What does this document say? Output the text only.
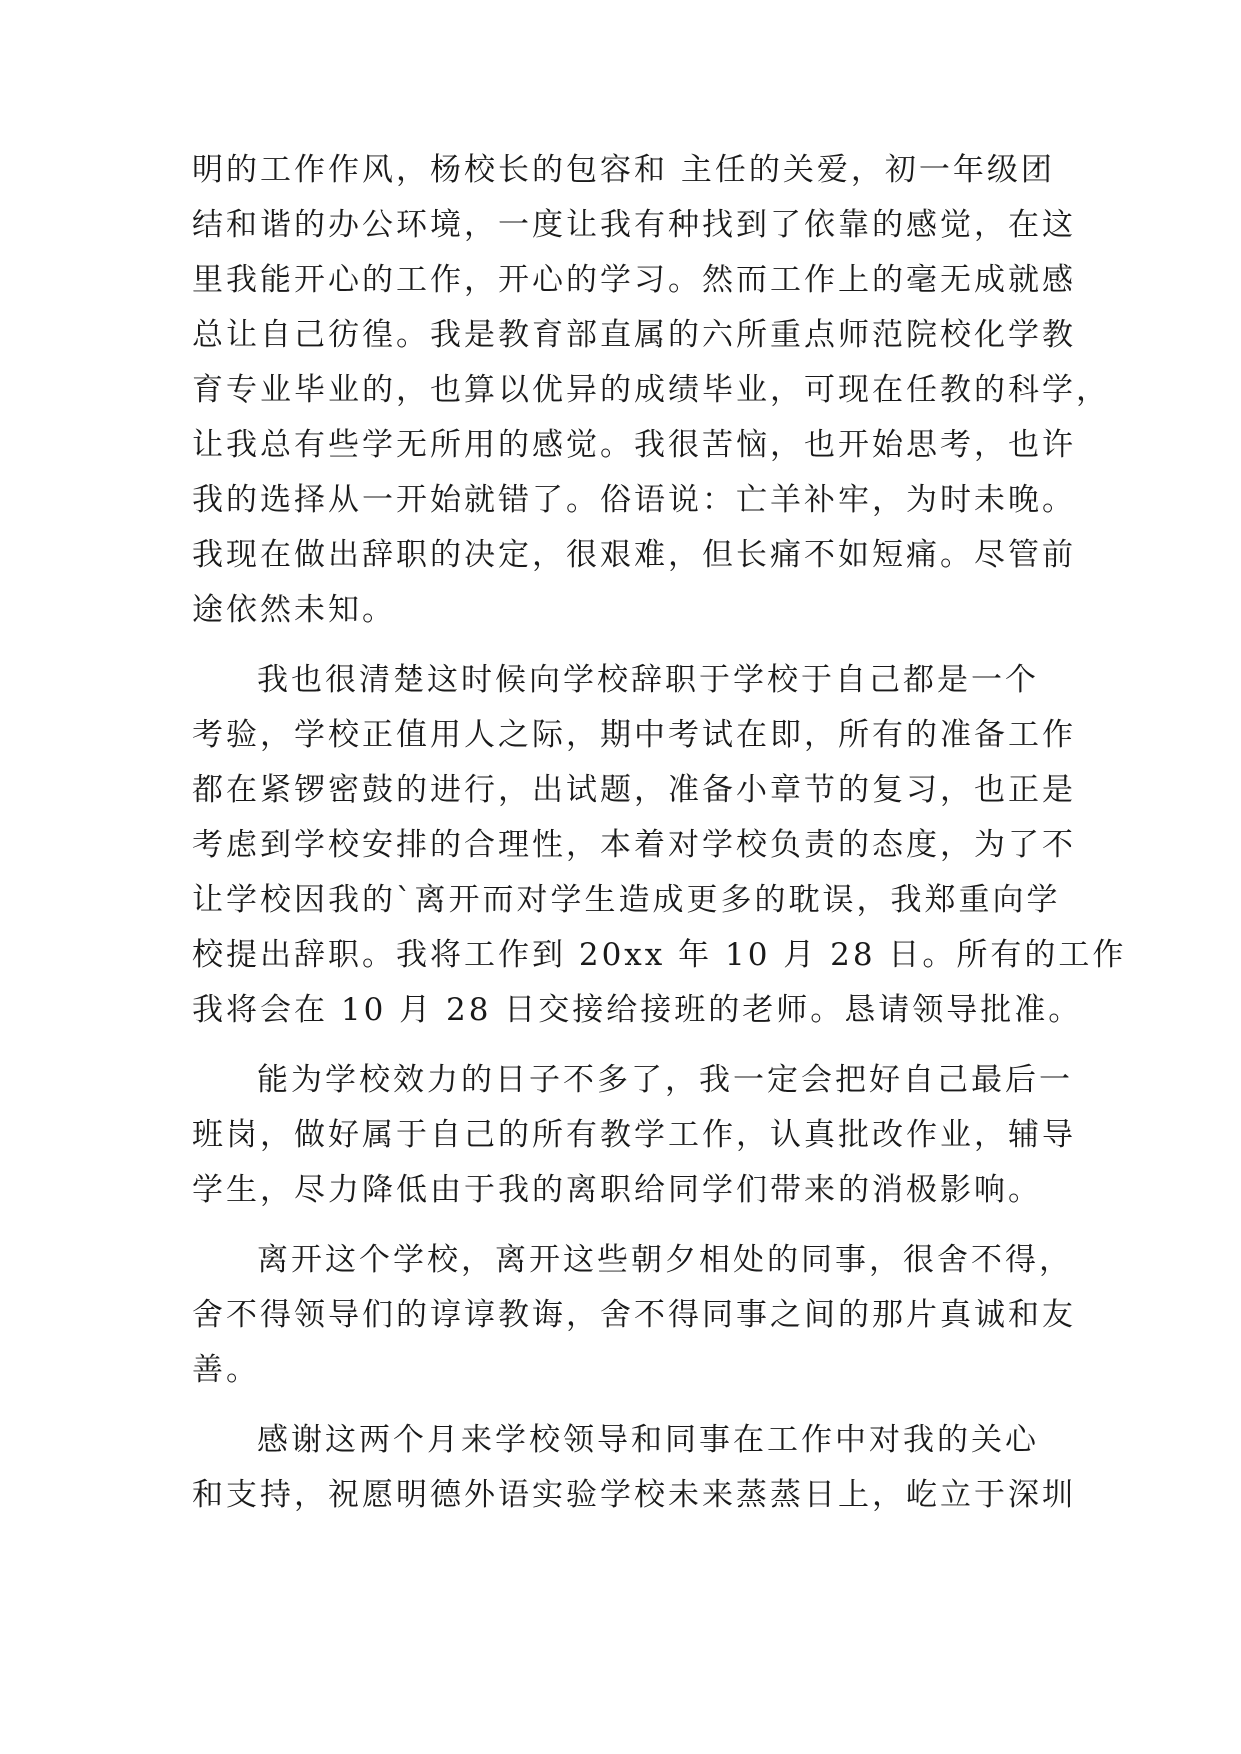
明的工作作风，杨校长的包容和 主任的关爱，初一年级团
结和谐的办公环境，一度让我有种找到了依靠的感觉，在这
里我能开心的工作，开心的学习。然而工作上的毫无成就感
总让自己彷徨。我是教育部直属的六所重点师范院校化学教
育专业毕业的，也算以优异的成绩毕业，可现在任教的科学，
让我总有些学无所用的感觉。我很苦恼，也开始思考，也许
我的选择从一开始就错了。俗语说：亡羊补牢，为时未晚。
我现在做出辞职的决定，很艰难，但长痛不如短痛。尽管前
途依然未知。
我也很清楚这时候向学校辞职于学校于自己都是一个
考验，学校正值用人之际，期中考试在即，所有的准备工作
都在紧锣密鼓的进行，出试题，准备小章节的复习，也正是
考虑到学校安排的合理性，本着对学校负责的态度，为了不
让学校因我的`离开而对学生造成更多的耽误，我郑重向学
校提出辞职。我将工作到 20xx 年 10 月 28 日。所有的工作
我将会在 10 月 28 日交接给接班的老师。恳请领导批准。
能为学校效力的日子不多了，我一定会把好自己最后一
班岗，做好属于自己的所有教学工作，认真批改作业，辅导
学生，尽力降低由于我的离职给同学们带来的消极影响。
离开这个学校，离开这些朝夕相处的同事，很舍不得，
舍不得领导们的谆谆教诲，舍不得同事之间的那片真诚和友
善。
感谢这两个月来学校领导和同事在工作中对我的关心
和支持，祝愿明德外语实验学校未来蒸蒸日上，屹立于深圳
